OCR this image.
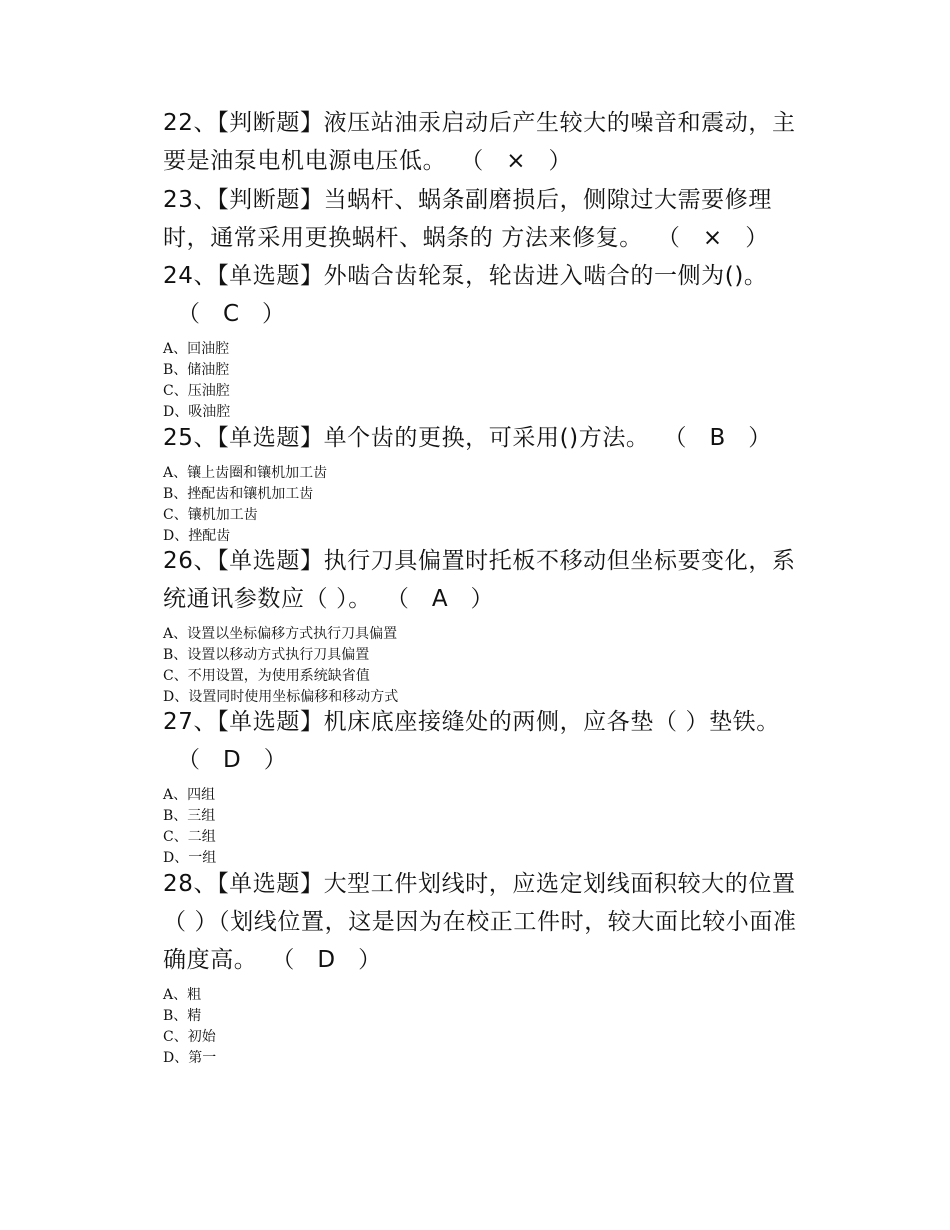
22、【判断题】液压站油汞启动后产生较大的噪音和震动，主要是油泵电机电源电压低。 （　×　）

23、【判断题】当蜗杆、蜗条副磨损后，侧隙过大需要修理时，通常采用更换蜗杆、蜗条的 方法来修复。 （　×　）

24、【单选题】外啮合齿轮泵，轮齿进入啮合的一侧为()。（　C　）

A、回油腔
B、储油腔
C、压油腔
D、吸油腔

25、【单选题】单个齿的更换，可采用()方法。 （　B　）

A、镶上齿圈和镶机加工齿
B、挫配齿和镶机加工齿
C、镶机加工齿
D、挫配齿

26、【单选题】执行刀具偏置时托板不移动但坐标要变化，系统通讯参数应（ ）。 （　A　）

A、设置以坐标偏移方式执行刀具偏置
B、设置以移动方式执行刀具偏置
C、不用设置，为使用系统缺省值
D、设置同时使用坐标偏移和移动方式

27、【单选题】机床底座接缝处的两侧，应各垫（ ）垫铁。（　D　）

A、四组
B、三组
C、二组
D、一组

28、【单选题】大型工件划线时，应选定划线面积较大的位置（ ）（划线位置，这是因为在校正工件时，较大面比较小面准确度高。 （　D　）

A、粗
B、精
C、初始
D、第一
